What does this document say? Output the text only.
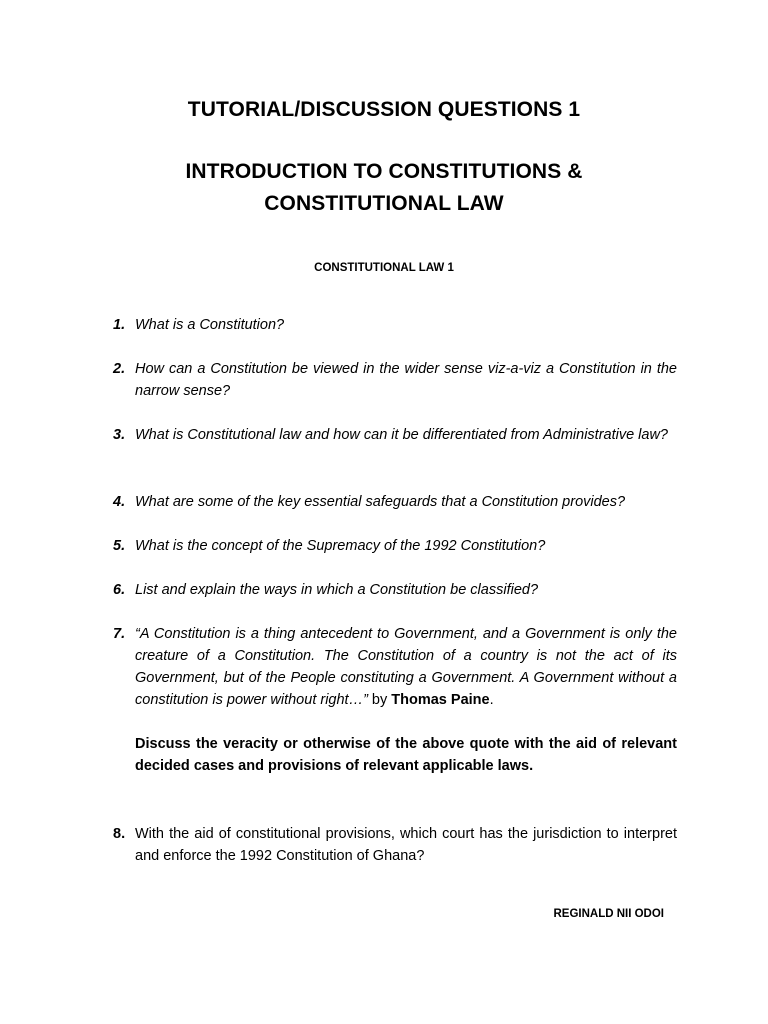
TUTORIAL/DISCUSSION QUESTIONS 1
INTRODUCTION TO CONSTITUTIONS &
CONSTITUTIONAL LAW
CONSTITUTIONAL LAW 1
1. What is a Constitution?
2. How can a Constitution be viewed in the wider sense viz-a-viz a Constitution in the narrow sense?
3. What is Constitutional law and how can it be differentiated from Administrative law?
4. What are some of the key essential safeguards that a Constitution provides?
5. What is the concept of the Supremacy of the 1992 Constitution?
6. List and explain the ways in which a Constitution be classified?
7. “A Constitution is a thing antecedent to Government, and a Government is only the creature of a Constitution. The Constitution of a country is not the act of its Government, but of the People constituting a Government. A Government without a constitution is power without right…” by Thomas Paine.
Discuss the veracity or otherwise of the above quote with the aid of relevant decided cases and provisions of relevant applicable laws.
8. With the aid of constitutional provisions, which court has the jurisdiction to interpret and enforce the 1992 Constitution of Ghana?
REGINALD NII ODOI
